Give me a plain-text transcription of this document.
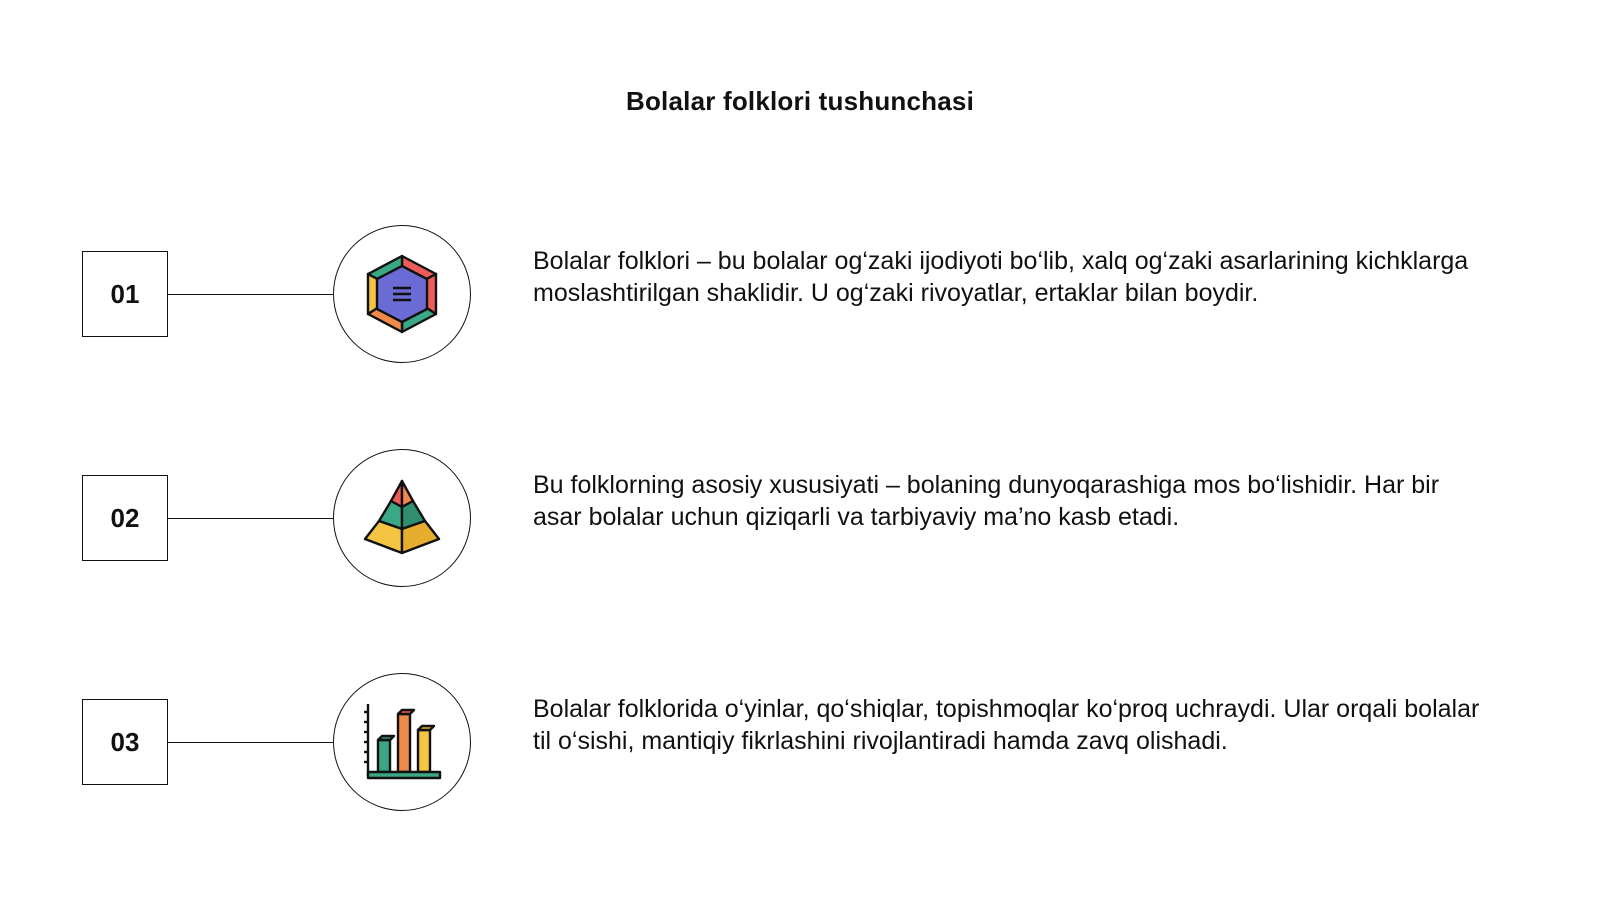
Bolalar folklori tushunchasi
01
Bolalar folklori – bu bolalar og‘zaki ijodiyoti bo‘lib, xalq og‘zaki asarlarining kichklarga moslashtirilgan shaklidir. U og‘zaki rivoyatlar, ertaklar bilan boydir.
02
Bu folklorning asosiy xususiyati – bolaning dunyoqarashiga mos bo‘lishidir. Har bir asar bolalar uchun qiziqarli va tarbiyaviy ma’no kasb etadi.
03
Bolalar folklorida o‘yinlar, qo‘shiqlar, topishmoqlar ko‘proq uchraydi. Ular orqali bolalar til o‘sishi, mantiqiy fikrlashini rivojlantiradi hamda zavq olishadi.
